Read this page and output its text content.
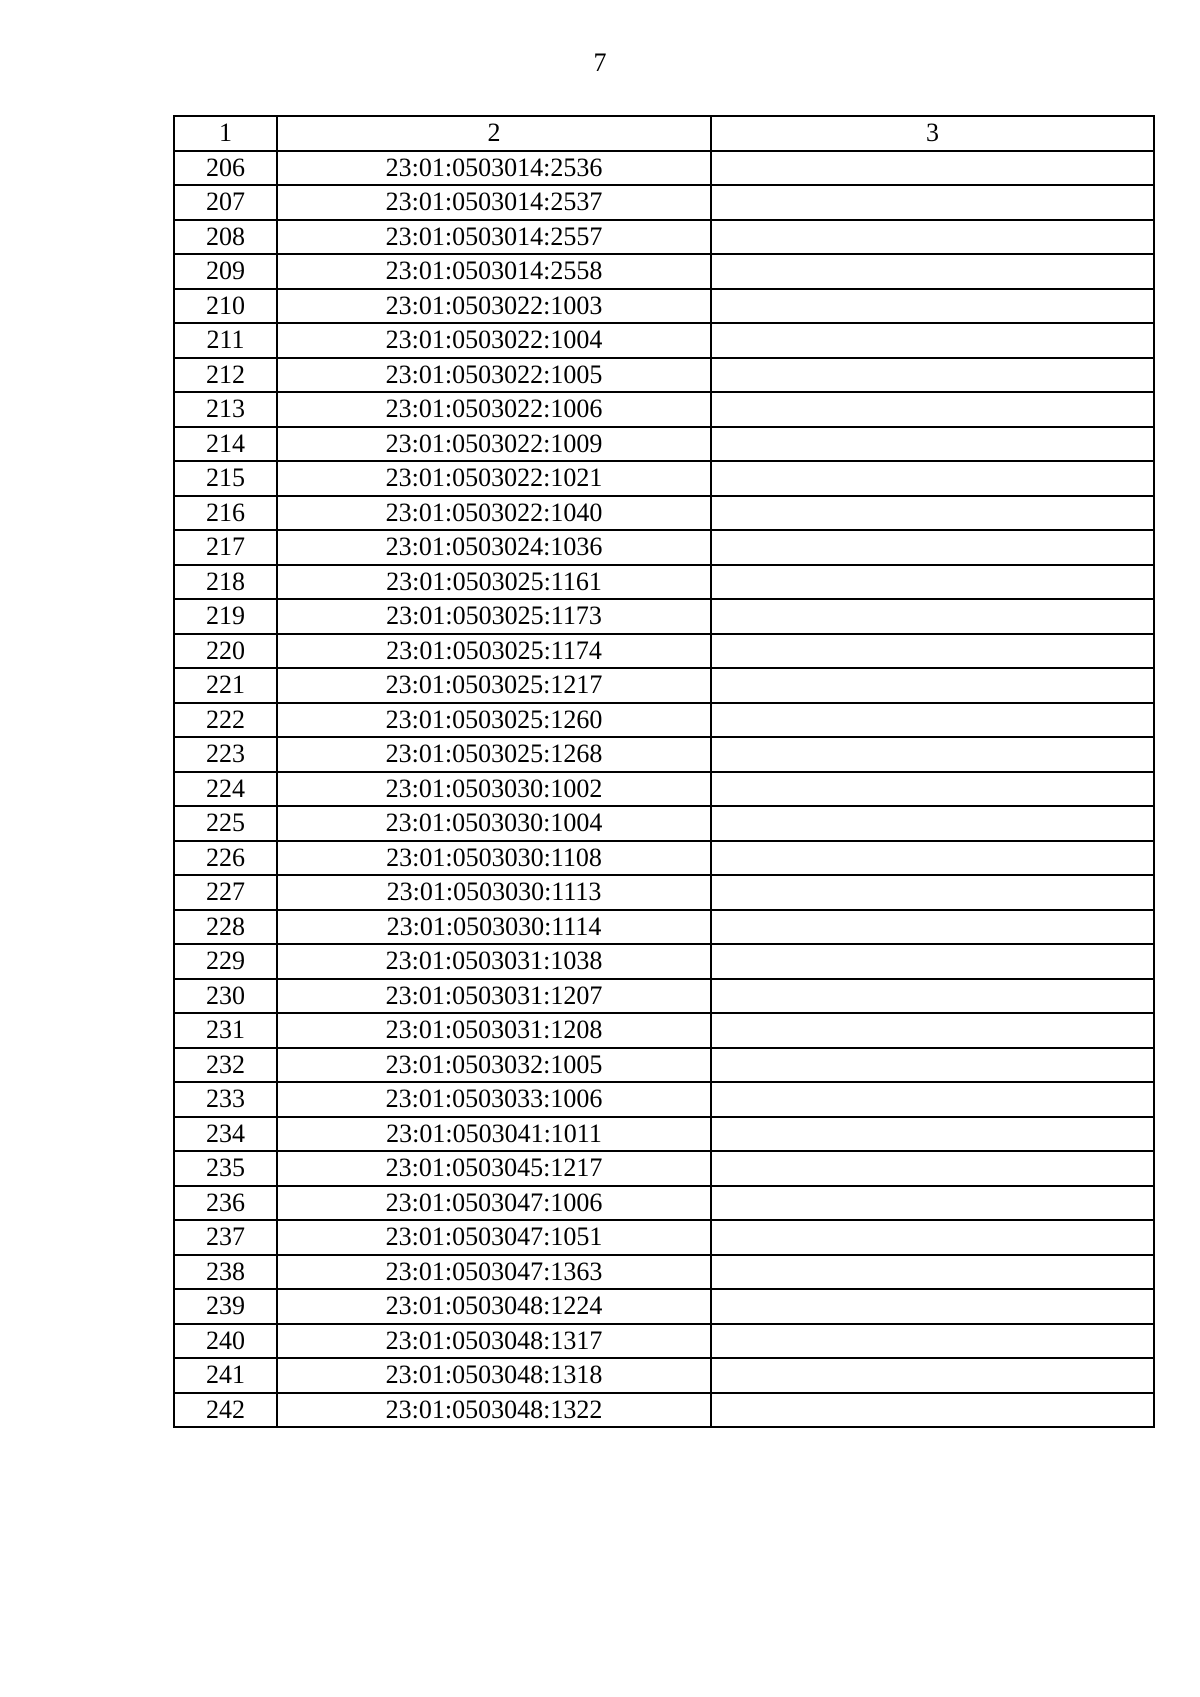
7
1	2	3
206	23:01:0503014:2536	
207	23:01:0503014:2537	
208	23:01:0503014:2557	
209	23:01:0503014:2558	
210	23:01:0503022:1003	
211	23:01:0503022:1004	
212	23:01:0503022:1005	
213	23:01:0503022:1006	
214	23:01:0503022:1009	
215	23:01:0503022:1021	
216	23:01:0503022:1040	
217	23:01:0503024:1036	
218	23:01:0503025:1161	
219	23:01:0503025:1173	
220	23:01:0503025:1174	
221	23:01:0503025:1217	
222	23:01:0503025:1260	
223	23:01:0503025:1268	
224	23:01:0503030:1002	
225	23:01:0503030:1004	
226	23:01:0503030:1108	
227	23:01:0503030:1113	
228	23:01:0503030:1114	
229	23:01:0503031:1038	
230	23:01:0503031:1207	
231	23:01:0503031:1208	
232	23:01:0503032:1005	
233	23:01:0503033:1006	
234	23:01:0503041:1011	
235	23:01:0503045:1217	
236	23:01:0503047:1006	
237	23:01:0503047:1051	
238	23:01:0503047:1363	
239	23:01:0503048:1224	
240	23:01:0503048:1317	
241	23:01:0503048:1318	
242	23:01:0503048:1322	
